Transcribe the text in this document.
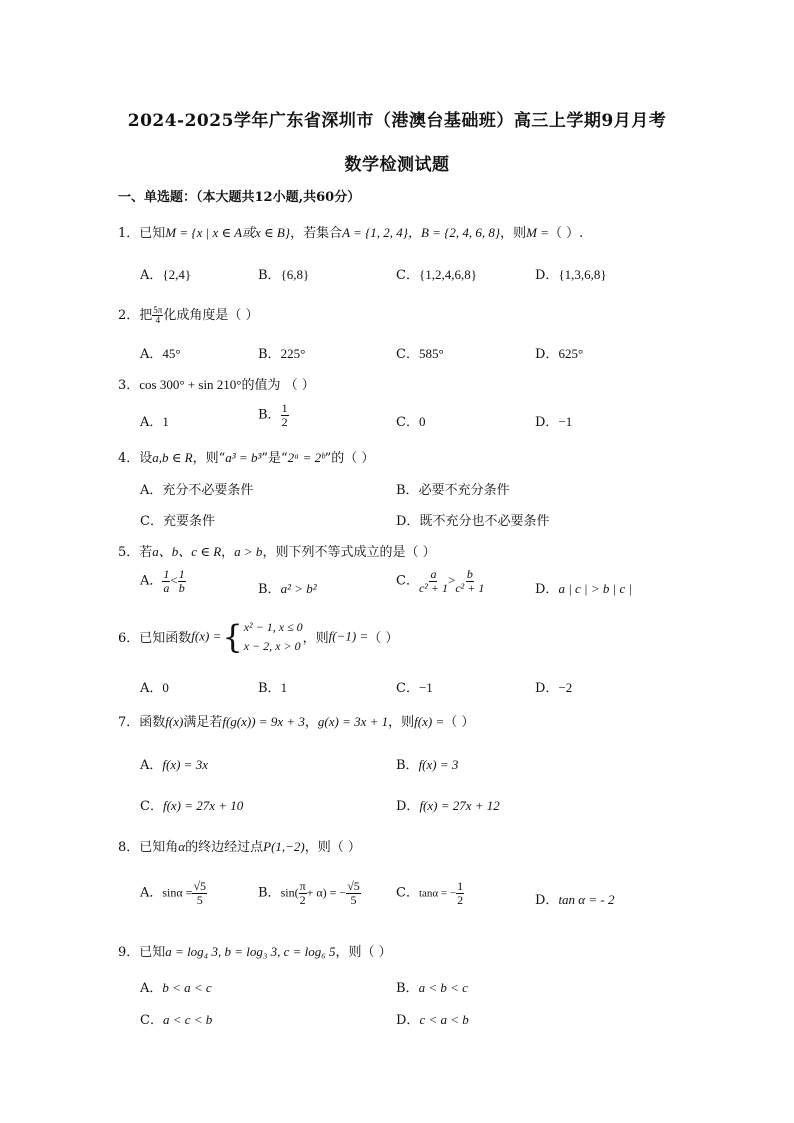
2024-2025学年广东省深圳市（港澳台基础班）高三上学期9月月考
数学检测试题
一、单选题：（本大题共12小题,共60分）
1．已知M = {x | x ∈ A或x ∈ B}，若集合A = {1, 2, 4}，B = {2, 4, 6, 8}，则M =（ ）.
A．{2,4}	B．{6,8}	C．{1,2,4,6,8}	D．{1,3,6,8}
2．把 $\frac{5\pi}{4}$ 化成角度是（ ）
A．45°	B．225°	C．585°	D．625°
3．cos 300° + sin 210°的值为 （ ）
A．1	B． $\frac{1}{2}$	C．0	D．−1
4．设a,b ∈ R，则“a³ = b³”是“2ᵃ = 2ᵇ”的（ ）
A．充分不必要条件	B．必要不充分条件
C．充要条件	D．既不充分也不必要条件
5．若a、b、c ∈ R，a > b，则下列不等式成立的是（ ）
A． $\frac{1}{a} < \frac{1}{b}$	B．a² > b²	C． $\frac{a}{\text{c² + 1}} > \frac{b}{\text{c² + 1}}$	D．a | c | > b | c |
6．已知函数f(x) = { x² − 1, x ≤ 0
x − 2, x > 0 ，则f(−1) =（ ）
A．0	B．1	C．−1	D．−2
7．函数f(x)满足若f(g(x)) = 9x + 3，g(x) = 3x + 1，则f(x) =（ ）
A．f(x) = 3x	B．f(x) = 3
C．f(x) = 27x + 10	D．f(x) = 27x + 12
8．已知角α的终边经过点P(1,−2)，则（ ）
A．$\sin\alpha = \frac{√5}{5}$	B．$\sin( \frac{\pi}{2} + \alpha)$ = − $\frac{√5}{5}$	C．tanα = − $\frac{1}{2}$	D．tan α = - 2
9．已知a = log₄ 3, b = log₃ 3, c = log₆ 5，则（ ）
A．b < a < c	B．a < b < c
C．a < c < b	D．c < a < b
